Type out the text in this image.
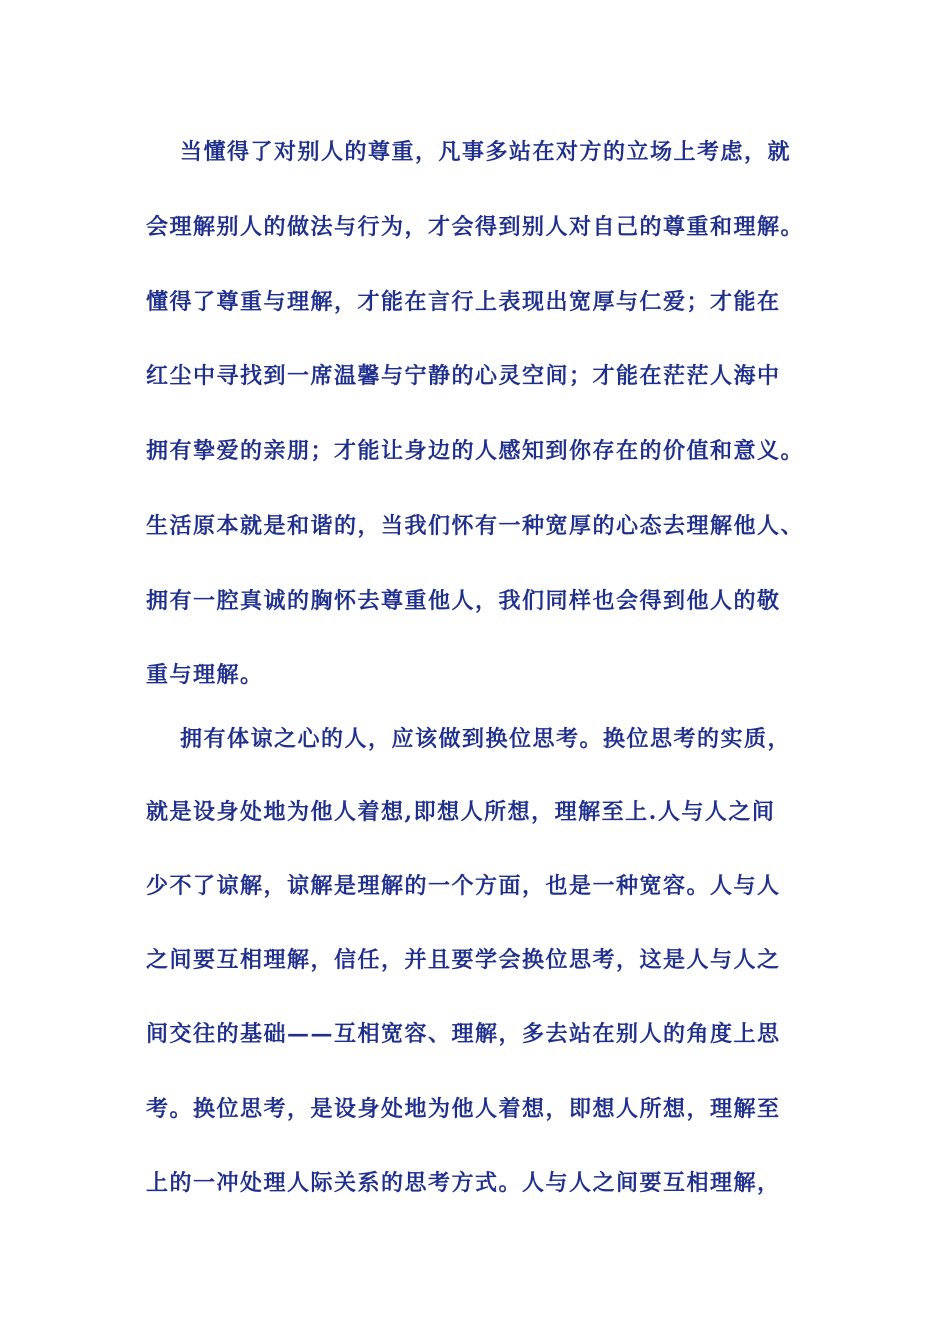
当懂得了对别人的尊重，凡事多站在对方的立场上考虑，就
会理解别人的做法与行为，才会得到别人对自己的尊重和理解。
懂得了尊重与理解，才能在言行上表现出宽厚与仁爱；才能在
红尘中寻找到一席温馨与宁静的心灵空间；才能在茫茫人海中
拥有挚爱的亲朋；才能让身边的人感知到你存在的价值和意义。
生活原本就是和谐的，当我们怀有一种宽厚的心态去理解他人、
拥有一腔真诚的胸怀去尊重他人，我们同样也会得到他人的敬
重与理解。
拥有体谅之心的人，应该做到换位思考。换位思考的实质，
就是设身处地为他人着想,即想人所想，理解至上.人与人之间
少不了谅解，谅解是理解的一个方面，也是一种宽容。人与人
之间要互相理解，信任，并且要学会换位思考，这是人与人之
间交往的基础——互相宽容、理解，多去站在别人的角度上思
考。换位思考，是设身处地为他人着想，即想人所想，理解至
上的一冲处理人际关系的思考方式。人与人之间要互相理解，
